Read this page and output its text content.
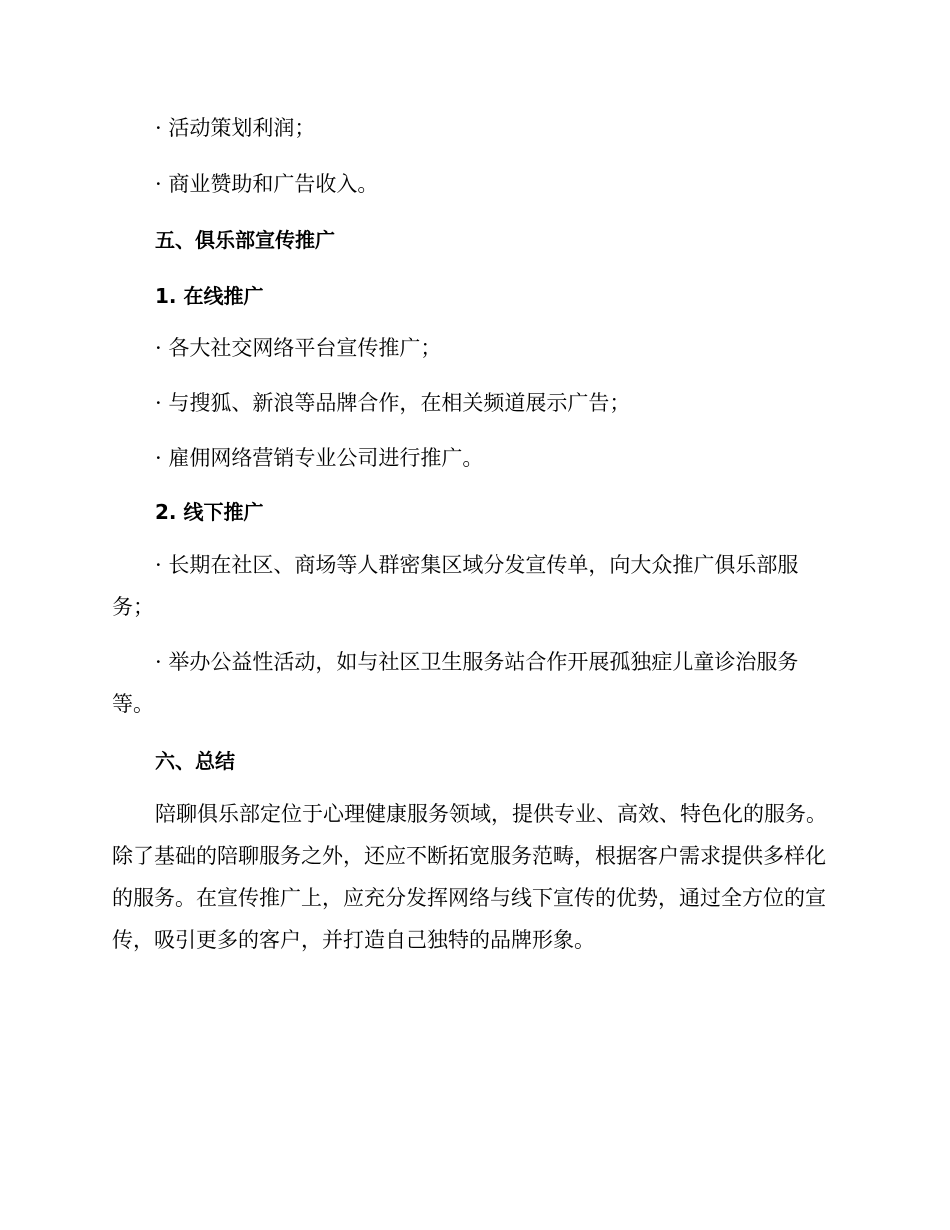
· 活动策划利润；
· 商业赞助和广告收入。
五、俱乐部宣传推广
1. 在线推广
· 各大社交网络平台宣传推广；
· 与搜狐、新浪等品牌合作，在相关频道展示广告；
· 雇佣网络营销专业公司进行推广。
2. 线下推广
· 长期在社区、商场等人群密集区域分发宣传单，向大众推广俱乐部服务；
· 举办公益性活动，如与社区卫生服务站合作开展孤独症儿童诊治服务等。
六、总结
陪聊俱乐部定位于心理健康服务领域，提供专业、高效、特色化的服务。除了基础的陪聊服务之外，还应不断拓宽服务范畴，根据客户需求提供多样化的服务。在宣传推广上，应充分发挥网络与线下宣传的优势，通过全方位的宣传，吸引更多的客户，并打造自己独特的品牌形象。
